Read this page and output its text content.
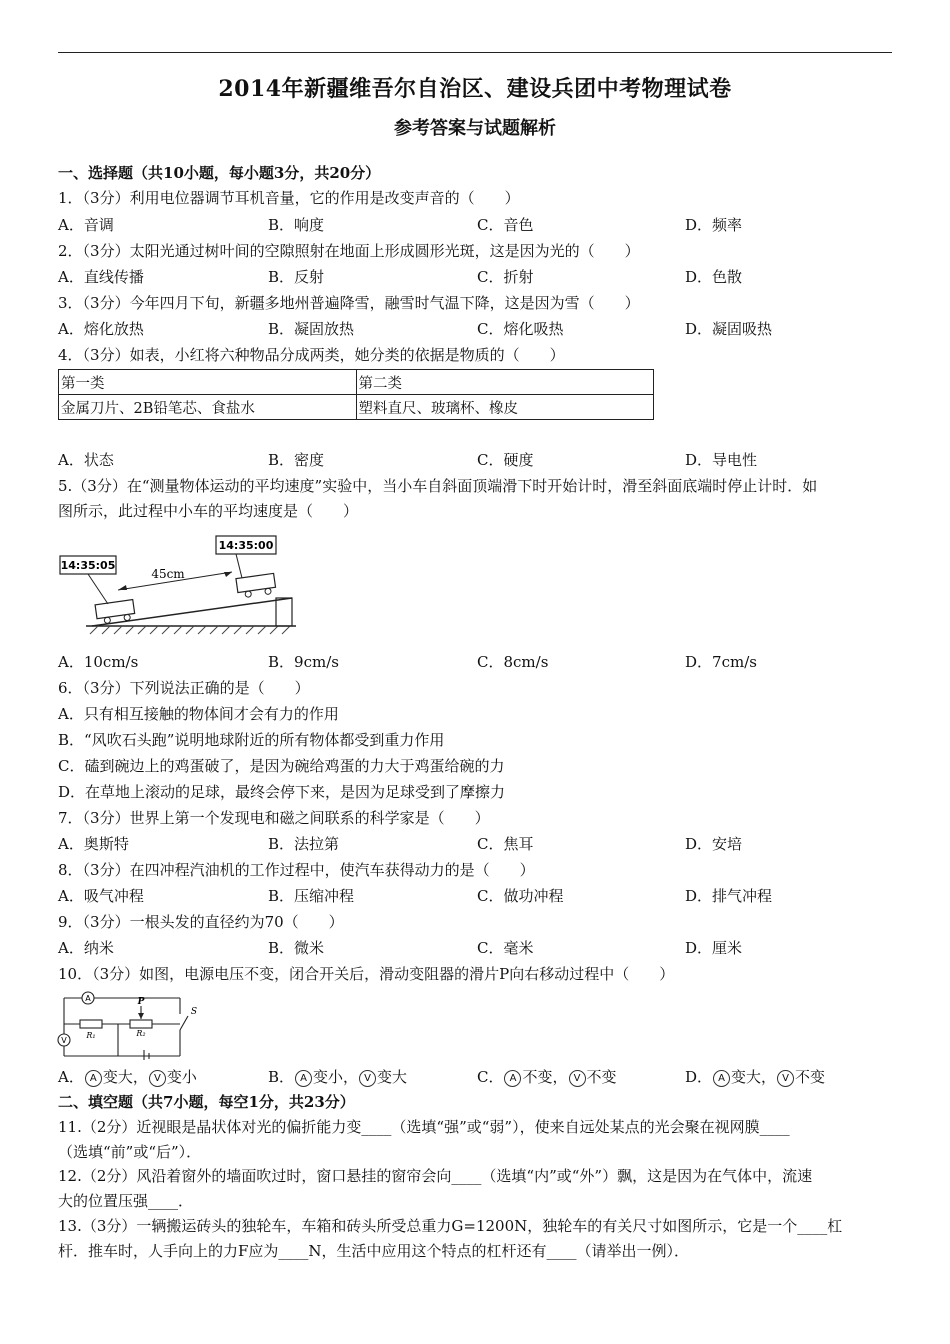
2014年新疆维吾尔自治区、建设兵团中考物理试卷
参考答案与试题解析
一、选择题（共10小题，每小题3分，共20分）
1．（3分）利用电位器调节耳机音量，它的作用是改变声音的（　　）
A．音调	B．响度	C．音色	D．频率
2．（3分）太阳光通过树叶间的空隙照射在地面上形成圆形光斑，这是因为光的（　　）
A．直线传播	B．反射	C．折射	D．色散
3．（3分）今年四月下旬，新疆多地州普遍降雪，融雪时气温下降，这是因为雪（　　）
A．熔化放热	B．凝固放热	C．熔化吸热	D．凝固吸热
4．（3分）如表，小红将六种物品分成两类，她分类的依据是物质的（　　）
第一类	第二类
金属刀片、2B铅笔芯、食盐水	塑料直尺、玻璃杯、橡皮
A．状态	B．密度	C．硬度	D．导电性
5.（3分）在“测量物体运动的平均速度”实验中，当小车自斜面顶端滑下时开始计时，滑至斜面底端时停止计时．如
图所示，此过程中小车的平均速度是（　　）
14:35:05
14:35:00
45cm
A．10cm/s	B．9cm/s	C．8cm/s	D．7cm/s
6．（3分）下列说法正确的是（　　）
A．只有相互接触的物体间才会有力的作用
B．“风吹石头跑”说明地球附近的所有物体都受到重力作用
C．磕到碗边上的鸡蛋破了，是因为碗给鸡蛋的力大于鸡蛋给碗的力
D．在草地上滚动的足球，最终会停下来，是因为足球受到了摩擦力
7．（3分）世界上第一个发现电和磁之间联系的科学家是（　　）
A．奥斯特	B．法拉第	C．焦耳	D．安培
8．（3分）在四冲程汽油机的工作过程中，使汽车获得动力的是（　　）
A．吸气冲程	B．压缩冲程	C．做功冲程	D．排气冲程
9．（3分）一根头发的直径约为70（　　）
A．纳米	B．微米	C．毫米	D．厘米
10．（3分）如图，电源电压不变，闭合开关后，滑动变阻器的滑片P向右移动过程中（　　）
A
V
P
R₁	R₂
S
A． A 变大， V 变小	B． A 变小， V 变大	C． A 不变， V 不变	D． A 变大， V 不变
二、填空题（共7小题，每空1分，共23分）
11.（2分）近视眼是晶状体对光的偏折能力变____（选填“强”或“弱”），使来自远处某点的光会聚在视网膜____
（选填“前”或“后”）．
12.（2分）风沿着窗外的墙面吹过时，窗口悬挂的窗帘会向____（选填“内”或“外”）飘，这是因为在气体中，流速
大的位置压强____．
13.（3分）一辆搬运砖头的独轮车，车箱和砖头所受总重力G=1200N，独轮车的有关尺寸如图所示，它是一个____杠
杆．推车时，人手向上的力F应为____N，生活中应用这个特点的杠杆还有____（请举出一例）．
